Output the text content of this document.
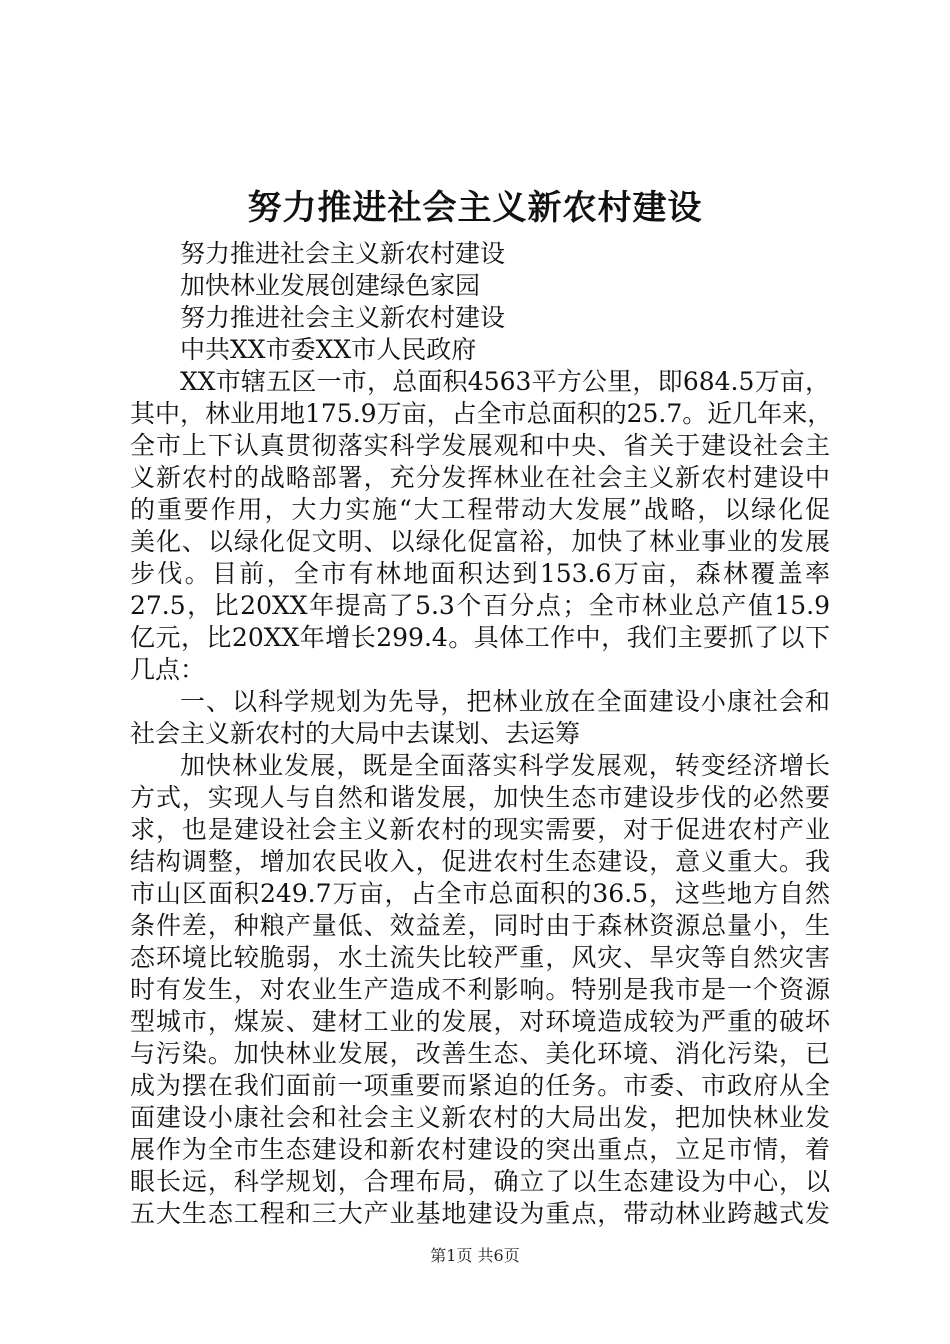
努力推进社会主义新农村建设
努力推进社会主义新农村建设
加快林业发展创建绿色家园
努力推进社会主义新农村建设
中共XX市委XX市人民政府
XX市辖五区一市，总面积4563平方公里，即684.5万亩，
其中，林业用地175.9万亩，占全市总面积的25.7。近几年来，
全市上下认真贯彻落实科学发展观和中央、省关于建设社会主
义新农村的战略部署，充分发挥林业在社会主义新农村建设中
的重要作用，大力实施“大工程带动大发展”战略，以绿化促
美化、以绿化促文明、以绿化促富裕，加快了林业事业的发展
步伐。目前，全市有林地面积达到153.6万亩，森林覆盖率
27.5，比20XX年提高了5.3个百分点；全市林业总产值15.9
亿元，比20XX年增长299.4。具体工作中，我们主要抓了以下
几点：
一、以科学规划为先导，把林业放在全面建设小康社会和
社会主义新农村的大局中去谋划、去运筹
加快林业发展，既是全面落实科学发展观，转变经济增长
方式，实现人与自然和谐发展，加快生态市建设步伐的必然要
求，也是建设社会主义新农村的现实需要，对于促进农村产业
结构调整，增加农民收入，促进农村生态建设，意义重大。我
市山区面积249.7万亩，占全市总面积的36.5，这些地方自然
条件差，种粮产量低、效益差，同时由于森林资源总量小，生
态环境比较脆弱，水土流失比较严重，风灾、旱灾等自然灾害
时有发生，对农业生产造成不利影响。特别是我市是一个资源
型城市，煤炭、建材工业的发展，对环境造成较为严重的破坏
与污染。加快林业发展，改善生态、美化环境、消化污染，已
成为摆在我们面前一项重要而紧迫的任务。市委、市政府从全
面建设小康社会和社会主义新农村的大局出发，把加快林业发
展作为全市生态建设和新农村建设的突出重点，立足市情，着
眼长远，科学规划，合理布局，确立了以生态建设为中心，以
五大生态工程和三大产业基地建设为重点，带动林业跨越式发
第1页 共6页
